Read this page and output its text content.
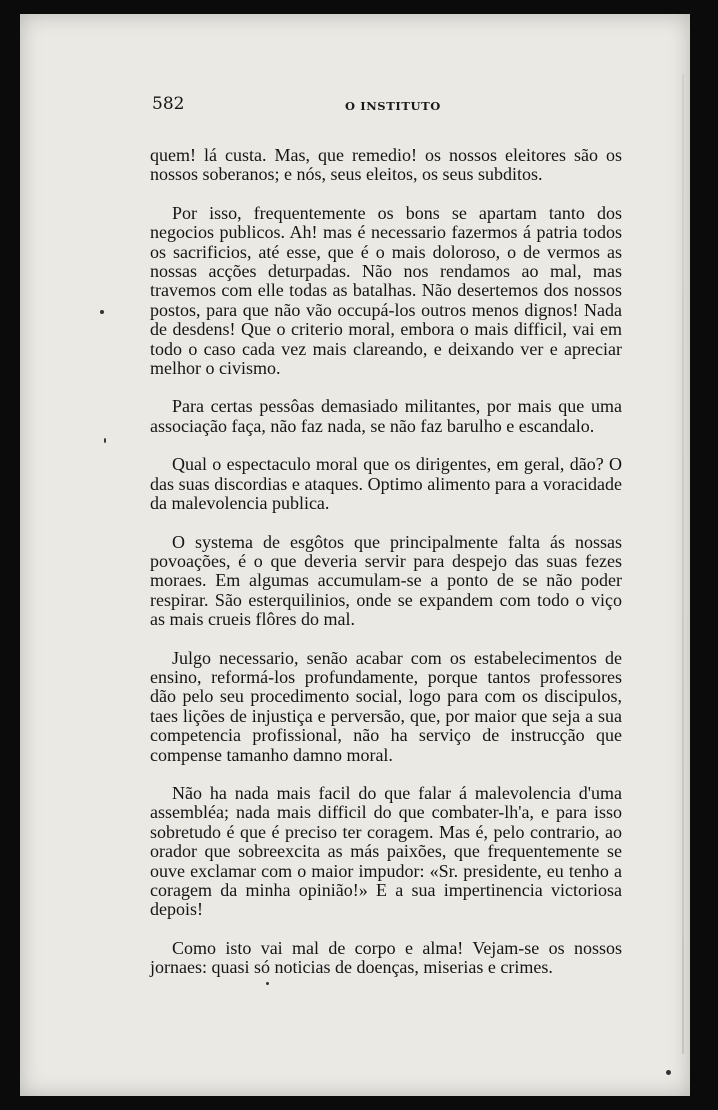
582	O INSTITUTO

quem! lá custa. Mas, que remedio! os nossos eleitores são os nossos soberanos; e nós, seus eleitos, os seus subditos.

Por isso, frequentemente os bons se apartam tanto dos negocios publicos. Ah! mas é necessario fazermos á patria todos os sacrificios, até esse, que é o mais doloroso, o de vermos as nossas acções deturpadas. Não nos rendamos ao mal, mas travemos com elle todas as batalhas. Não desertemos dos nossos postos, para que não vão occupá-los outros menos dignos! Nada de desdens! Que o criterio moral, embora o mais difficil, vai em todo o caso cada vez mais clareando, e deixando ver e apreciar melhor o civismo.

Para certas pessôas demasiado militantes, por mais que uma associação faça, não faz nada, se não faz barulho e escandalo.

Qual o espectaculo moral que os dirigentes, em geral, dão? O das suas discordias e ataques. Optimo alimento para a voracidade da malevolencia publica.

O systema de esgôtos que principalmente falta ás nossas povoações, é o que deveria servir para despejo das suas fezes moraes. Em algumas accumulam-se a ponto de se não poder respirar. São esterquilinios, onde se expandem com todo o viço as mais crueis flôres do mal.

Julgo necessario, senão acabar com os estabelecimentos de ensino, reformá-los profundamente, porque tantos professores dão pelo seu procedimento social, logo para com os discipulos, taes lições de injustiça e perversão, que, por maior que seja a sua competencia profissional, não ha serviço de instrucção que compense tamanho damno moral.

Não ha nada mais facil do que falar á malevolencia d'uma assembléa; nada mais difficil do que combater-lh'a, e para isso sobretudo é que é preciso ter coragem. Mas é, pelo contrario, ao orador que sobreexcita as más paixões, que frequentemente se ouve exclamar com o maior impudor: «Sr. presidente, eu tenho a coragem da minha opinião!» E a sua impertinencia victoriosa depois!

Como isto vai mal de corpo e alma! Vejam-se os nossos jornaes: quasi só noticias de doenças, miserias e crimes.
